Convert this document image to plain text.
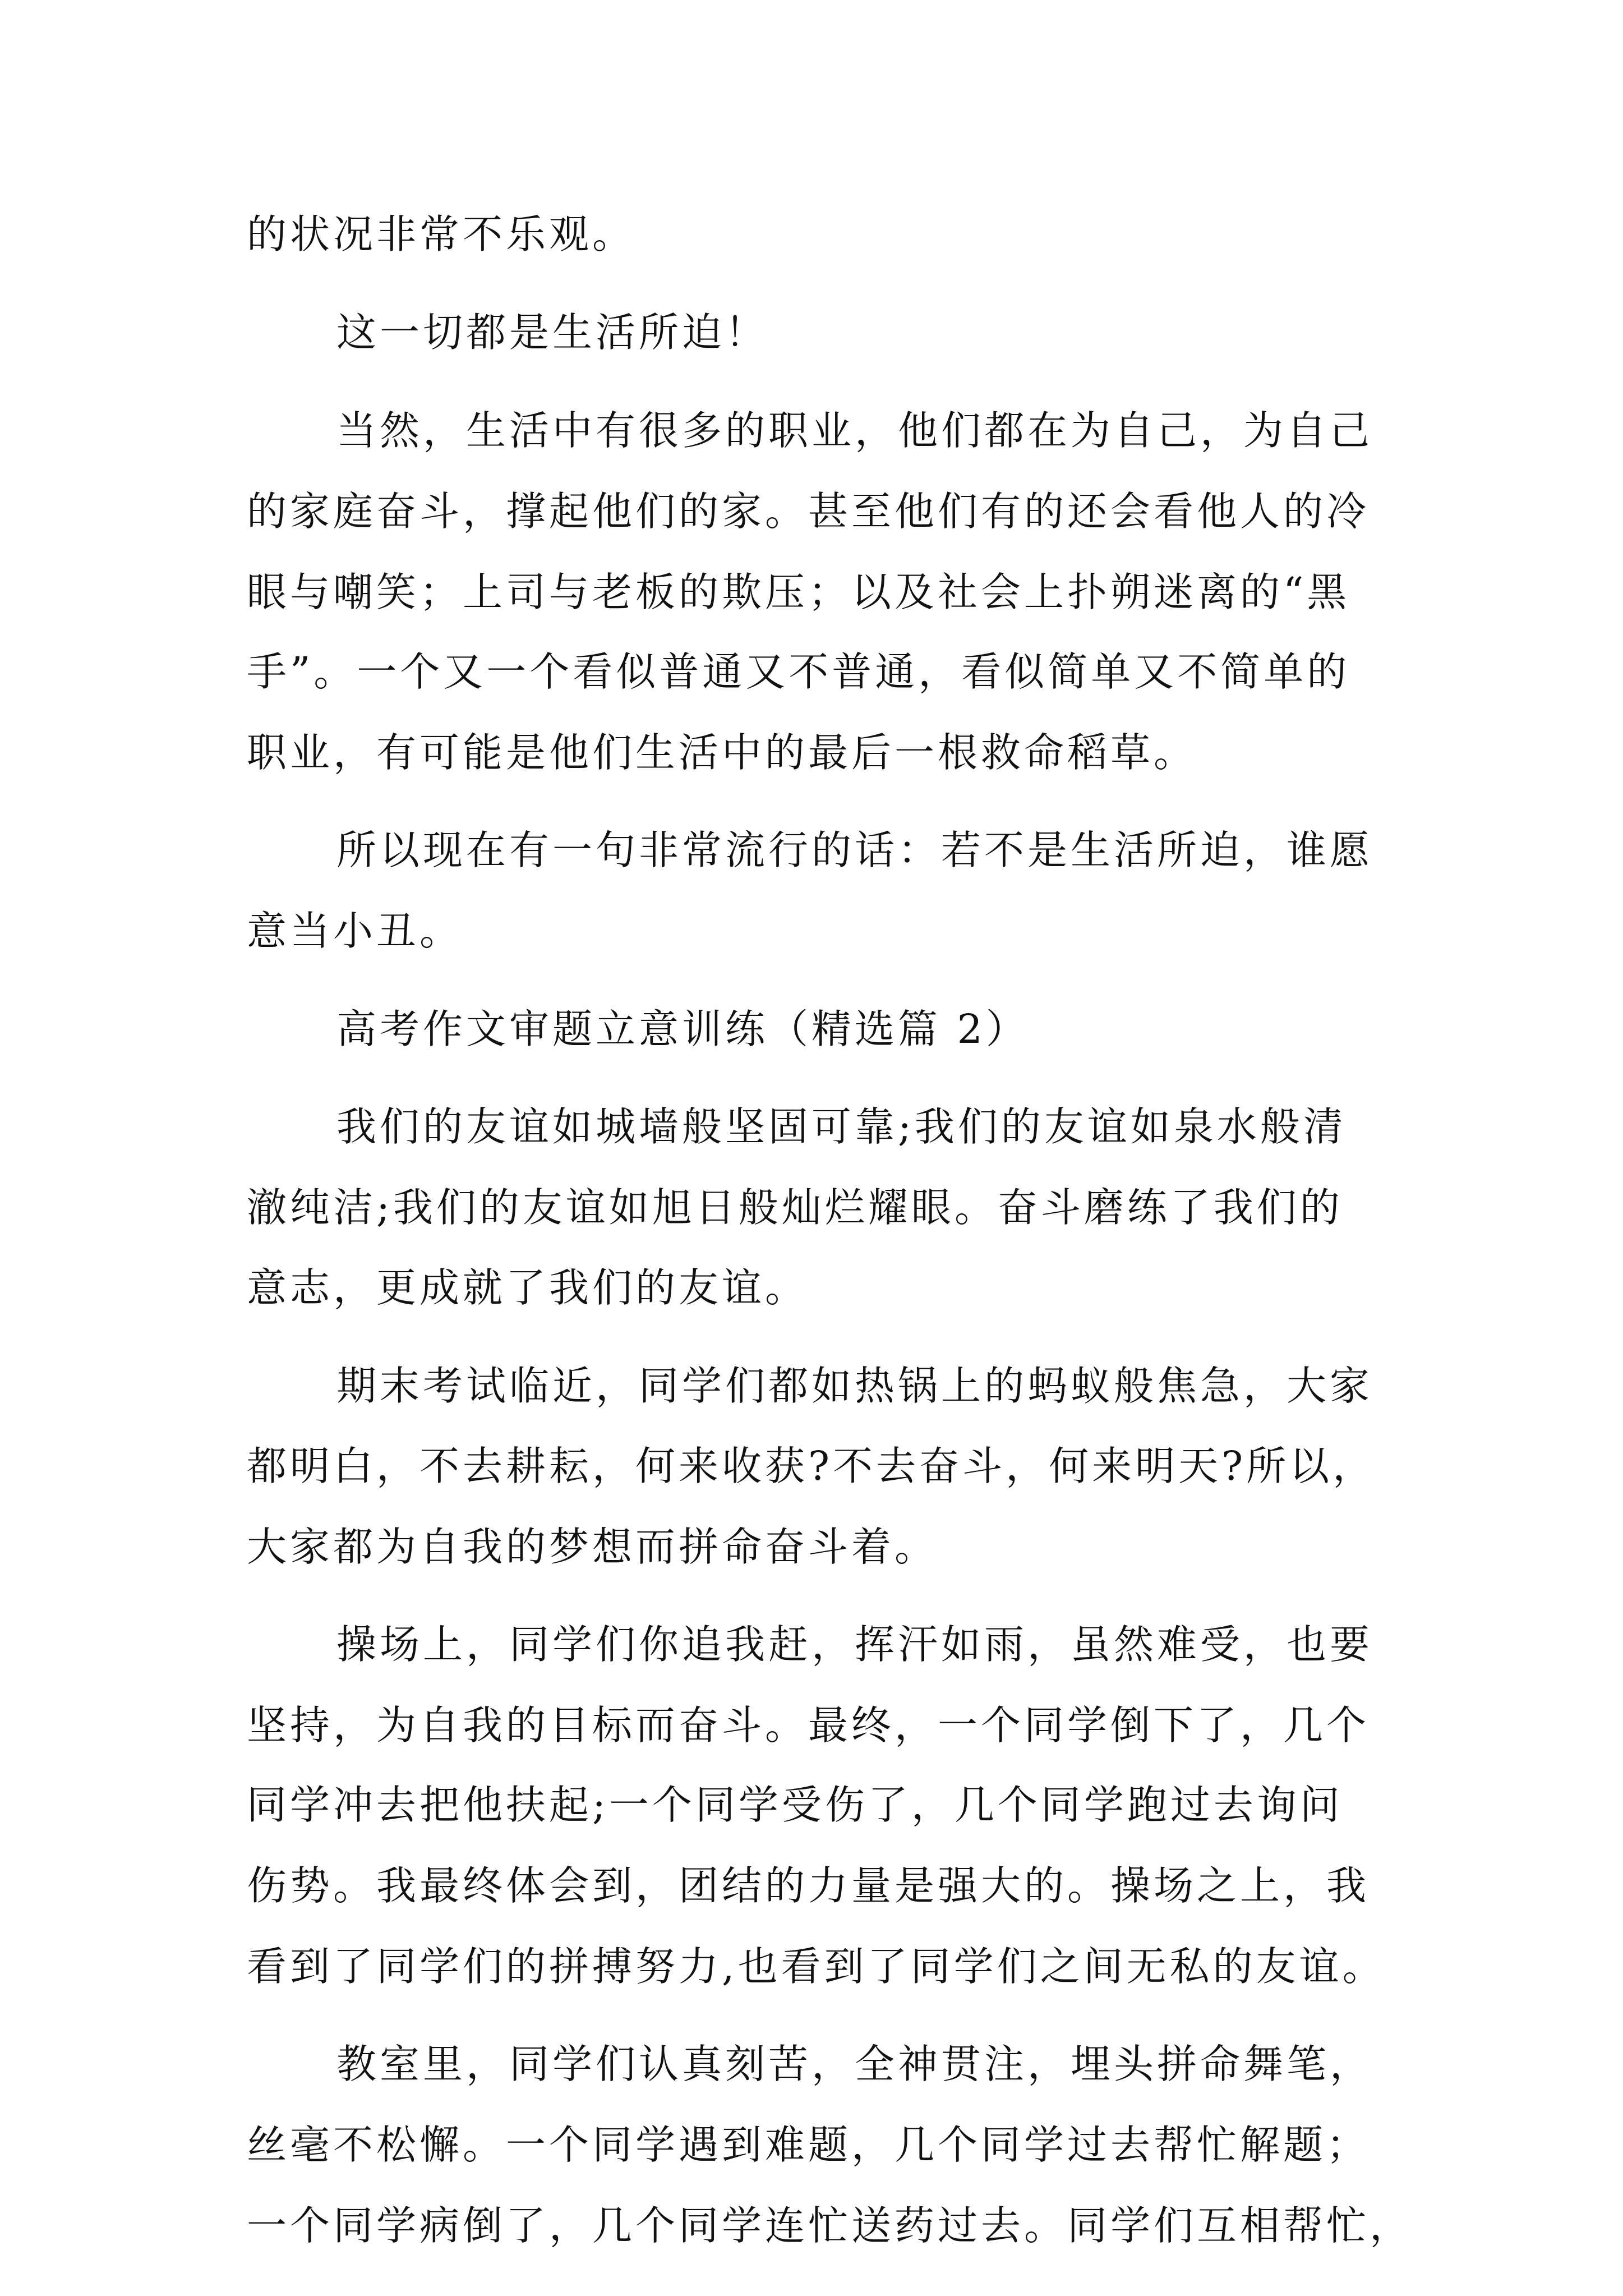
的状况非常不乐观。
这一切都是生活所迫！
当然，生活中有很多的职业，他们都在为自己，为自己
的家庭奋斗，撑起他们的家。甚至他们有的还会看他人的冷
眼与嘲笑；上司与老板的欺压；以及社会上扑朔迷离的“黑
手”。一个又一个看似普通又不普通，看似简单又不简单的
职业，有可能是他们生活中的最后一根救命稻草。
所以现在有一句非常流行的话：若不是生活所迫，谁愿
意当小丑。
高考作文审题立意训练（精选篇 2）
我们的友谊如城墙般坚固可靠;我们的友谊如泉水般清
澈纯洁;我们的友谊如旭日般灿烂耀眼。奋斗磨练了我们的
意志，更成就了我们的友谊。
期末考试临近，同学们都如热锅上的蚂蚁般焦急，大家
都明白，不去耕耘，何来收获?不去奋斗，何来明天?所以，
大家都为自我的梦想而拼命奋斗着。
操场上，同学们你追我赶，挥汗如雨，虽然难受，也要
坚持，为自我的目标而奋斗。最终，一个同学倒下了，几个
同学冲去把他扶起;一个同学受伤了，几个同学跑过去询问
伤势。我最终体会到，团结的力量是强大的。操场之上，我
看到了同学们的拼搏努力,也看到了同学们之间无私的友谊。
教室里，同学们认真刻苦，全神贯注，埋头拼命舞笔，
丝毫不松懈。一个同学遇到难题，几个同学过去帮忙解题；
一个同学病倒了，几个同学连忙送药过去。同学们互相帮忙，
